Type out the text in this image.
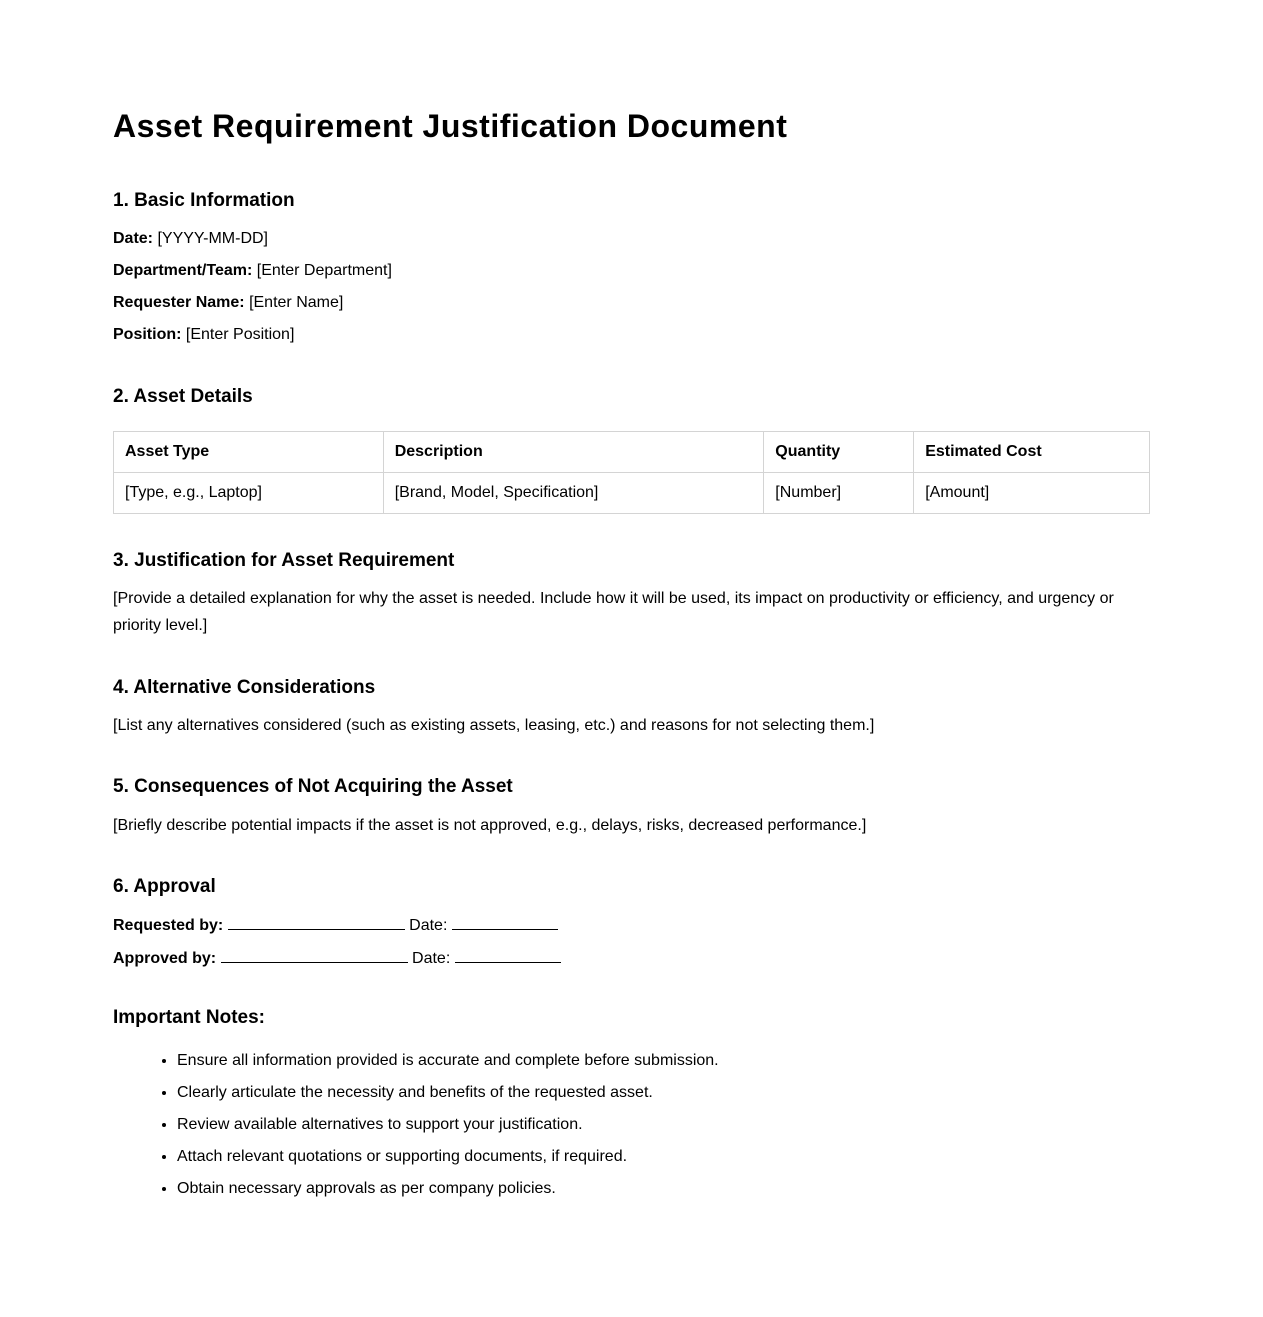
Asset Requirement Justification Document
1. Basic Information

Date: [YYYY-MM-DD]

Department/Team: [Enter Department]

Requester Name: [Enter Name]

Position: [Enter Position]

2. Asset Details
Asset Type	Description	Quantity	Estimated Cost
[Type, e.g., Laptop]	[Brand, Model, Specification]	[Number]	[Amount]
3. Justification for Asset Requirement

[Provide a detailed explanation for why the asset is needed. Include how it will be used, its impact on productivity or efficiency, and urgency or priority level.]

4. Alternative Considerations

[List any alternatives considered (such as existing assets, leasing, etc.) and reasons for not selecting them.]

5. Consequences of Not Acquiring the Asset

[Briefly describe potential impacts if the asset is not approved, e.g., delays, risks, decreased performance.]

6. Approval

Requested by:	Date:

Approved by:	Date:

Important Notes:
• Ensure all information provided is accurate and complete before submission.
• Clearly articulate the necessity and benefits of the requested asset.
• Review available alternatives to support your justification.
• Attach relevant quotations or supporting documents, if required.
• Obtain necessary approvals as per company policies.
